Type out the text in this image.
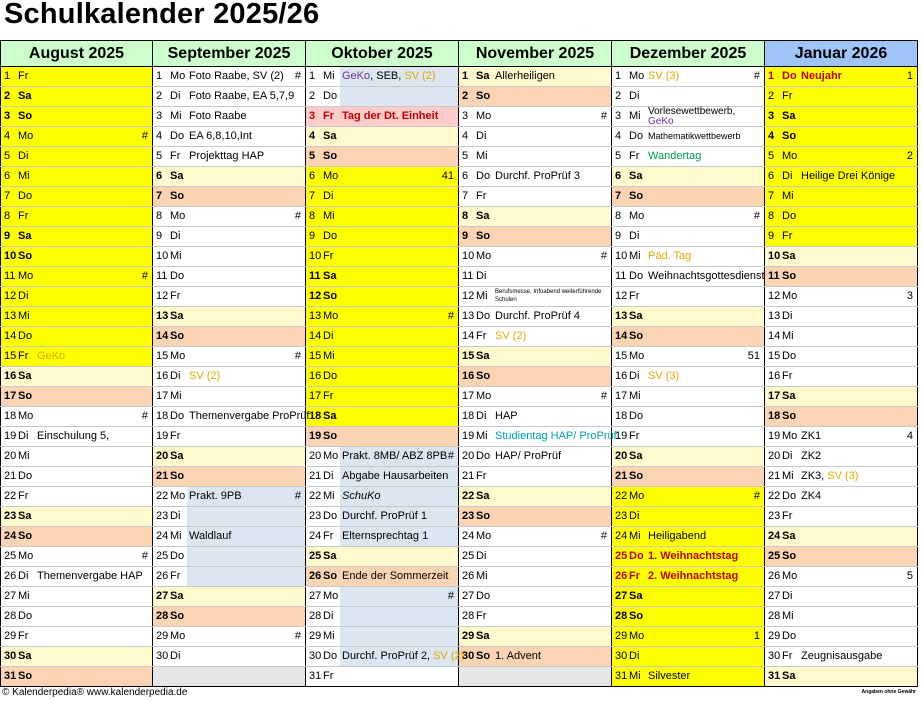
Schulkalender 2025/26
August 2025	September 2025	Oktober 2025	November 2025	Dezember 2025	Januar 2026

1 Fr	1 Mo Foto Raabe, SV (2) #	1 Mi GeKo, SEB, SV (2)	1 Sa Allerheiligen	1 Mo SV (3) #	1 Do Neujahr 1

2 Sa	2 Di Foto Raabe, EA 5,7,9	2 Do	2 So	2 Di	2 Fr

3 So	3 Mi Foto Raabe	3 Fr Tag der Dt. Einheit	3 Mo #	3 Mi Vorlesewettbewerb, GeKo	3 Sa

4 Mo #	4 Do EA 6,8,10,Int	4 Sa	4 Di	4 Do Mathematikwettbewerb	4 So

5 Di	5 Fr Projekttag HAP	5 So	5 Mi	5 Fr Wandertag	5 Mo 2

6 Mi	6 Sa	6 Mo 41	6 Do Durchf. ProPrüf 3	6 Sa	6 Di Heilige Drei Könige

7 Do	7 So	7 Di	7 Fr	7 So	7 Mi

8 Fr	8 Mo #	8 Mi	8 Sa	8 Mo #	8 Do

9 Sa	9 Di	9 Do	9 So	9 Di	9 Fr

10 So	10 Mi	10 Fr	10 Mo #	10 Mi Päd. Tag	10 Sa

11 Mo #	11 Do	11 Sa	11 Di	11 Do Weihnachtsgottesdienst	11 So

12 Di	12 Fr	12 So	12 Mi Berufsmesse, Infoabend weiterführende Schulen	12 Fr	12 Mo 3

13 Mi	13 Sa	13 Mo #	13 Do Durchf. ProPrüf 4	13 Sa	13 Di

14 Do	14 So	14 Di	14 Fr SV (2)	14 So	14 Mi

15 Fr GeKo	15 Mo #	15 Mi	15 Sa	15 Mo 51	15 Do

16 Sa	16 Di SV (2)	16 Do	16 So	16 Di SV (3)	16 Fr

17 So	17 Mi	17 Fr	17 Mo #	17 Mi	17 Sa

18 Mo #	18 Do Themenvergabe ProPrüf	18 Sa	18 Di HAP	18 Do	18 So

19 Di Einschulung 5,	19 Fr	19 So	19 Mi Studientag HAP/ ProPrüf	19 Fr	19 Mo ZK1 4

20 Mi	20 Sa	20 Mo Prakt. 8MB/ ABZ 8PB #	20 Do HAP/ ProPrüf	20 Sa	20 Di ZK2

21 Do	21 So	21 Di Abgabe Hausarbeiten	21 Fr	21 So	21 Mi ZK3, SV (3)

22 Fr	22 Mo Prakt. 9PB #	22 Mi SchuKo	22 Sa	22 Mo #	22 Do ZK4

23 Sa	23 Di	23 Do Durchf. ProPrüf 1	23 So	23 Di	23 Fr

24 So	24 Mi Waldlauf	24 Fr Elternsprechtag 1	24 Mo #	24 Mi Heiligabend	24 Sa

25 Mo #	25 Do	25 Sa	25 Di	25 Do 1. Weihnachtstag	25 So

26 Di Themenvergabe HAP	26 Fr	26 So Ende der Sommerzeit	26 Mi	26 Fr 2. Weihnachtstag	26 Mo 5

27 Mi	27 Sa	27 Mo #	27 Do	27 Sa	27 Di

28 Do	28 So	28 Di	28 Fr	28 So	28 Mi

29 Fr	29 Mo #	29 Mi	29 Sa	29 Mo 1	29 Do

30 Sa	30 Di	30 Do Durchf. ProPrüf 2, SV (2)	30 So 1. Advent	30 Di	30 Fr Zeugnisausgabe

31 So		31 Fr		31 Mi Silvester	31 Sa
© Kalenderpedia® www.kalenderpedia.de	Angaben ohne Gewähr
